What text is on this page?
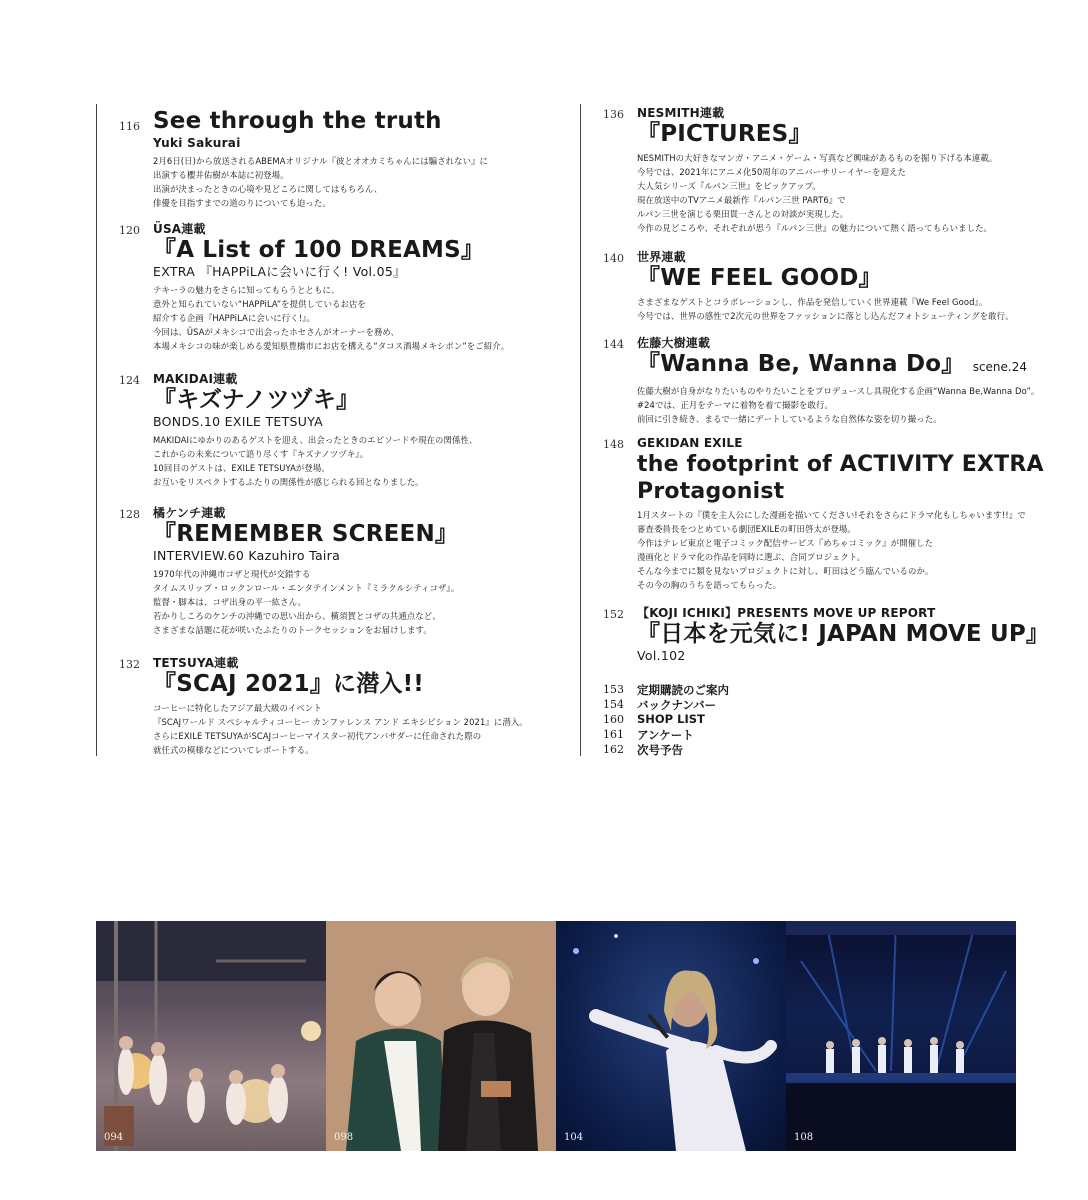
116 See through the truth
Yuki Sakurai
2月6日(日)から放送されるABEMAオリジナル『彼とオオカミちゃんには騙されない』に
出演する櫻井佑樹が本誌に初登場。
出演が決まったときの心境や見どころに関してはもちろん、
俳優を目指すまでの道のりについても迫った。
120 ÜSA連載
『A List of 100 DREAMS』
EXTRA 『HAPPiLAに会いに行く! Vol.05』
テキーラの魅力をさらに知ってもらうとともに、
意外と知られていない“HAPPiLA”を提供しているお店を
紹介する企画『HAPPiLAに会いに行く!』。
今回は、ÜSAがメキシコで出会ったホセさんがオーナーを務め、
本場メキシコの味が楽しめる愛知県豊橋市にお店を構える“タコス酒場メキシポン”をご紹介。
124 MAKIDAI連載
『キズナノツヅキ』
BONDS.10 EXILE TETSUYA
MAKIDAIにゆかりのあるゲストを迎え、出会ったときのエピソードや現在の関係性、
これからの未来について語り尽くす『キズナノツヅキ』。
10回目のゲストは、EXILE TETSUYAが登場。
お互いをリスペクトするふたりの関係性が感じられる回となりました。
128 橘ケンチ連載
『REMEMBER SCREEN』
INTERVIEW.60 Kazuhiro Taira
1970年代の沖縄市コザと現代が交錯する
タイムスリップ・ロックンロール・エンタテインメント『ミラクルシティコザ』。
監督・脚本は、コザ出身の平一紘さん。
若かりしころのケンチの沖縄での思い出から、横須賀とコザの共通点など、
さまざまな話題に花が咲いたふたりのトークセッションをお届けします。
132 TETSUYA連載
『SCAJ 2021』に潜入!!
コーヒーに特化したアジア最大級のイベント
『SCAJワールド スペシャルティコーヒー カンファレンス アンド エキシビション 2021』に潜入。
さらにEXILE TETSUYAがSCAJコーヒーマイスター初代アンバサダーに任命された際の
就任式の模様などについてレポートする。
136 NESMITH連載
『PICTURES』
NESMITHの大好きなマンガ・アニメ・ゲーム・写真など興味があるものを掘り下げる本連載。
今号では、2021年にアニメ化50周年のアニバーサリーイヤーを迎えた
大人気シリーズ『ルパン三世』をピックアップ。
現在放送中のTVアニメ最新作『ルパン三世 PART6』で
ルパン三世を演じる栗田貫一さんとの対談が実現した。
今作の見どころや、それぞれが思う『ルパン三世』の魅力について熱く語ってもらいました。
140 世界連載
『WE FEEL GOOD』
さまざまなゲストとコラボレーションし、作品を発信していく世界連載『We Feel Good』。
今号では、世界の感性で2次元の世界をファッションに落とし込んだフォトシューティングを敢行。
144 佐藤大樹連載
『Wanna Be, Wanna Do』 scene.24
佐藤大樹が自身がなりたいものやりたいことをプロデュースし具現化する企画“Wanna Be,Wanna Do”。
#24では、正月をテーマに着物を着て撮影を敢行。
前回に引き続き、まるで一緒にデートしているような自然体な姿を切り撮った。
148 GEKIDAN EXILE
the footprint of ACTIVITY EXTRA
Protagonist
1月スタートの『僕を主人公にした漫画を描いてください!それをさらにドラマ化もしちゃいます!!』で
審査委員長をつとめている劇団EXILEの町田啓太が登場。
今作はテレビ東京と電子コミック配信サービス『めちゃコミック』が開催した
漫画化とドラマ化の作品を同時に選ぶ、合同プロジェクト。
そんな今までに類を見ないプロジェクトに対し、町田はどう臨んでいるのか。
その今の胸のうちを語ってもらった。
152 【KOJI ICHIKI】PRESENTS MOVE UP REPORT
『日本を元気に! JAPAN MOVE UP』
Vol.102
153 定期購読のご案内
154 バックナンバー
160 SHOP LIST
161 アンケート
162 次号予告
094	098	104	108
